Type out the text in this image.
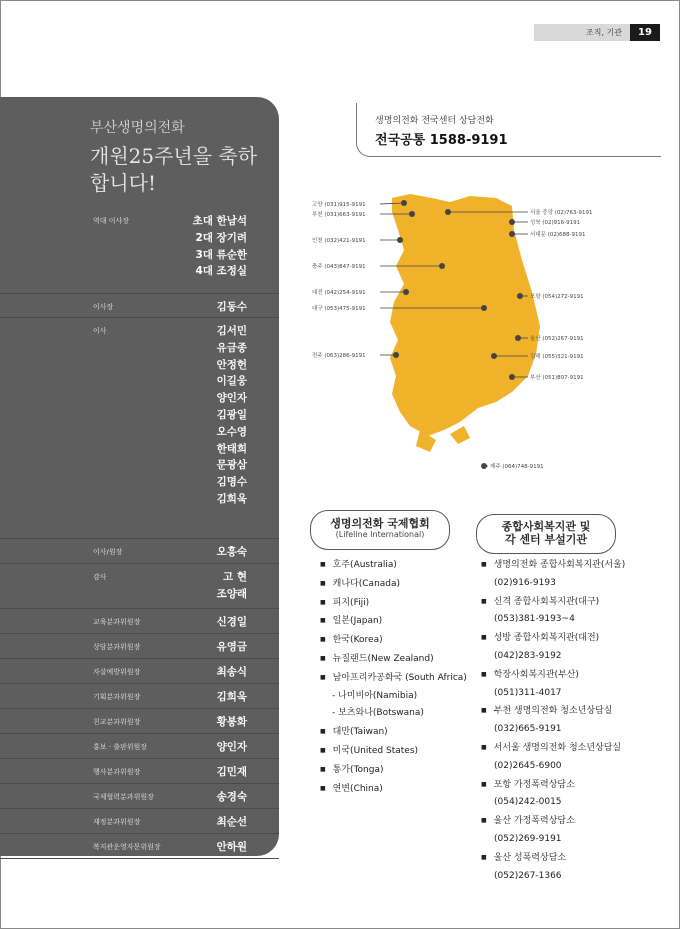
조직, 기관	19
부산생명의전화
개원25주년을 축하합니다!
역대 이사장	초대 한남석
2대 장기려
3대 류순한
4대 조정실
이사장	김동수
이사	김서민
유금종
안정헌
이길웅
양인자
김광일
오수영
한태희
문광삼
김명수
김희욱
이사/원장	오흥숙
감사	고 현
조양래
교육분과위원장	신경일
상담분과위원장	유영금
자살예방위원장	최송식
기획분과위원장	김희욱
친교분과위원장	황봉화
홍보 · 출판위원장	양인자
행사분과위원장	김민재
국제협력분과위원장	송경숙
재정분과위원장	최순선
복지관운영자문위원장	안하원
생명의전화 전국센터 상담전화
전국공통 1588-9191
고양 (031)915-9191
부천 (031)663-9191
인천 (032)421-9191
충주 (043)847-9191
대전 (042)254-9191
대구 (053)475-9191
전주 (063)286-9191
서울 중앙 (02)763-9191
성북 (02)916-9191
서대문 (02)688-9191
포항 (054)272-9191
울산 (052)267-9191
김해 (055)321-9191
부산 (051)807-9191
제주 (064)748-9191
생명의전화 국제협회
(Lifeline International)
종합사회복지관 및
각 센터 부설기관
■ 호주(Australia)
■ 캐나다(Canada)
■ 피지(Fiji)
■ 일본(Japan)
■ 한국(Korea)
■ 뉴질랜드(New Zealand)
■ 남아프리카공화국 (South Africa)
- 나미비아(Namibia)
- 보츠와나(Botswana)
■ 대만(Taiwan)
■ 미국(United States)
■ 통가(Tonga)
■ 연변(China)
■ 생명의전화 종합사회복지관(서울)
(02)916-9193
■ 신격 종합사회복지관(대구)
(053)381-9193~4
■ 성방 종합사회복지관(대전)
(042)283-9192
■ 학장사회복지관(부산)
(051)311-4017
■ 부천 생명의전화 청소년상담실
(032)665-9191
■ 서서울 생명의전화 청소년상담실
(02)2645-6900
■ 포항 가정폭력상담소
(054)242-0015
■ 울산 가정폭력상담소
(052)269-9191
■ 울산 성폭력상담소
(052)267-1366
